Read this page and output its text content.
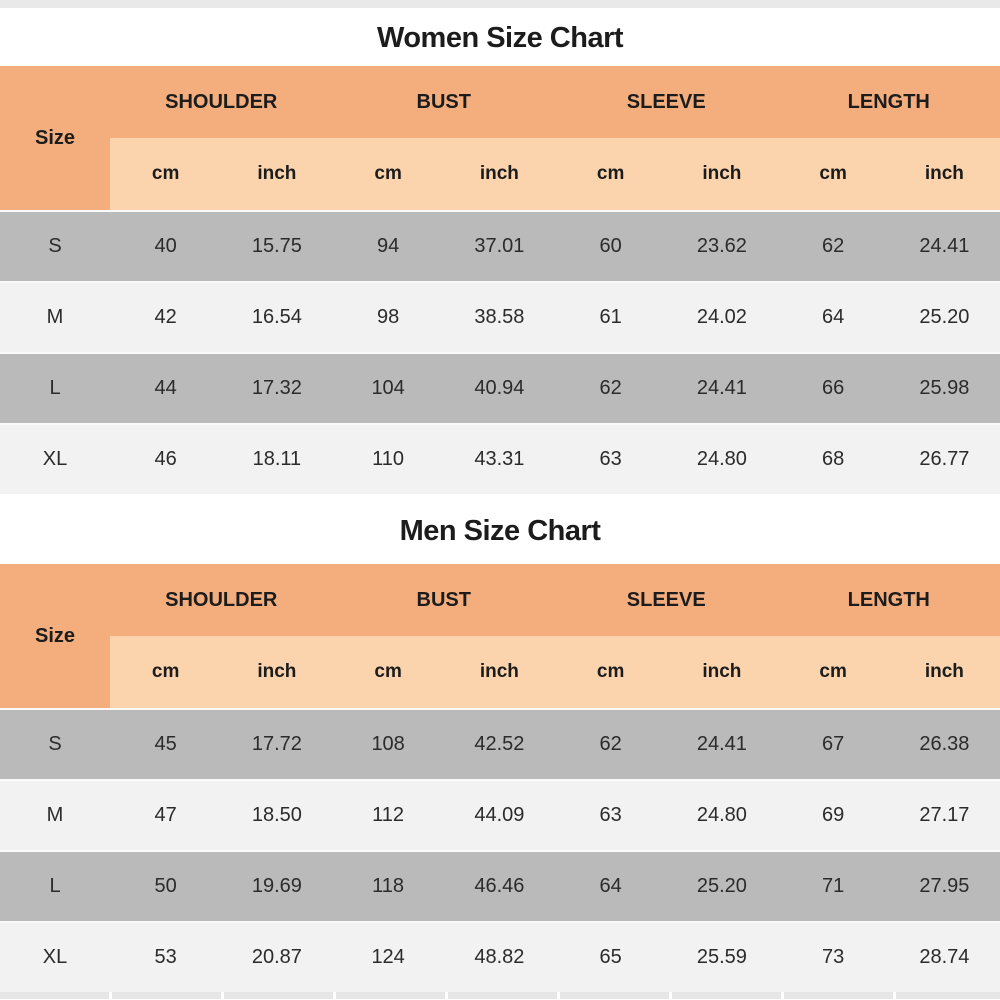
Women Size Chart
Size	SHOULDER		BUST		SLEEVE		LENGTH	
	cm	inch	cm	inch	cm	inch	cm	inch
S	40	15.75	94	37.01	60	23.62	62	24.41
M	42	16.54	98	38.58	61	24.02	64	25.20
L	44	17.32	104	40.94	62	24.41	66	25.98
XL	46	18.11	110	43.31	63	24.80	68	26.77
Men Size Chart
Size	SHOULDER		BUST		SLEEVE		LENGTH	
	cm	inch	cm	inch	cm	inch	cm	inch
S	45	17.72	108	42.52	62	24.41	67	26.38
M	47	18.50	112	44.09	63	24.80	69	27.17
L	50	19.69	118	46.46	64	25.20	71	27.95
XL	53	20.87	124	48.82	65	25.59	73	28.74
